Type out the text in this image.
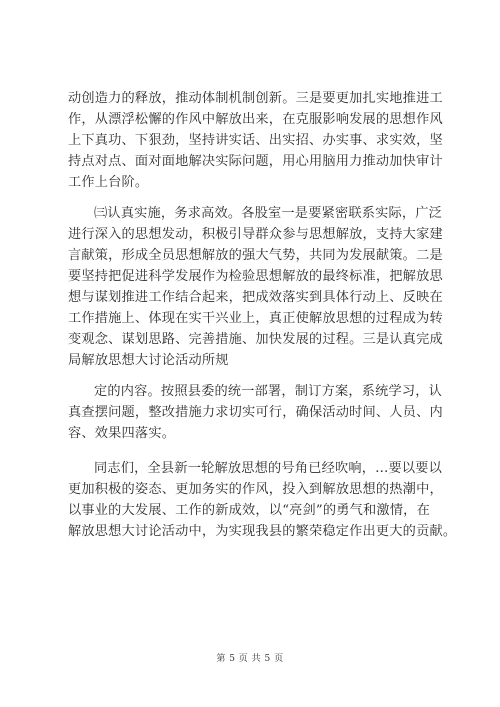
动创造力的释放，推动体制机制创新。三是要更加扎实地推进工
作，从漂浮松懈的作风中解放出来，在克服影响发展的思想作风
上下真功、下狠劲，坚持讲实话、出实招、办实事、求实效，坚
持点对点、面对面地解决实际问题，用心用脑用力推动加快审计
工作上台阶。
㈢认真实施，务求高效。各股室一是要紧密联系实际，广泛
进行深入的思想发动，积极引导群众参与思想解放，支持大家建
言献策，形成全员思想解放的强大气势，共同为发展献策。二是
要坚持把促进科学发展作为检验思想解放的最终标准，把解放思
想与谋划推进工作结合起来，把成效落实到具体行动上、反映在
工作措施上、体现在实干兴业上，真正使解放思想的过程成为转
变观念、谋划思路、完善措施、加快发展的过程。三是认真完成
局解放思想大讨论活动所规
定的内容。按照县委的统一部署，制订方案，系统学习，认
真查摆问题，整改措施力求切实可行，确保活动时间、人员、内
容、效果四落实。
同志们，全县新一轮解放思想的号角已经吹响，…要以要以
更加积极的姿态、更加务实的作风，投入到解放思想的热潮中，
以事业的大发展、工作的新成效，以“亮剑”的勇气和激情，在
解放思想大讨论活动中，为实现我县的繁荣稳定作出更大的贡献。
第 5 页 共 5 页
